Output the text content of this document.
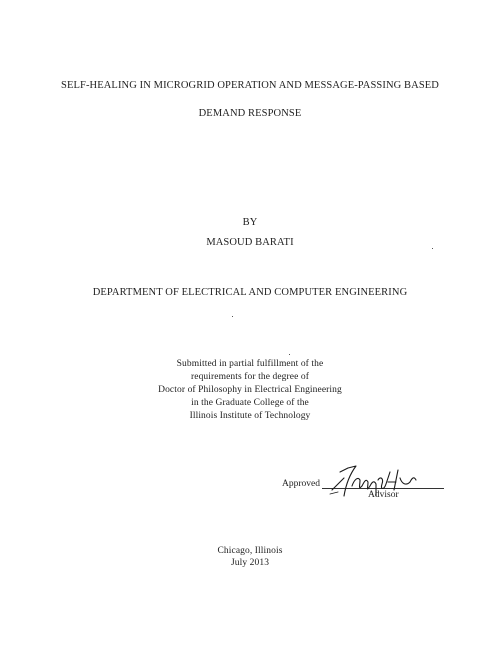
SELF-HEALING IN MICROGRID OPERATION AND MESSAGE-PASSING BASED
DEMAND RESPONSE
BY
MASOUD BARATI
DEPARTMENT OF ELECTRICAL AND COMPUTER ENGINEERING
Submitted in partial fulfillment of the
requirements for the degree of
Doctor of Philosophy in Electrical Engineering
in the Graduate College of the
Illinois Institute of Technology
Approved
Advisor
Chicago, Illinois
July 2013
